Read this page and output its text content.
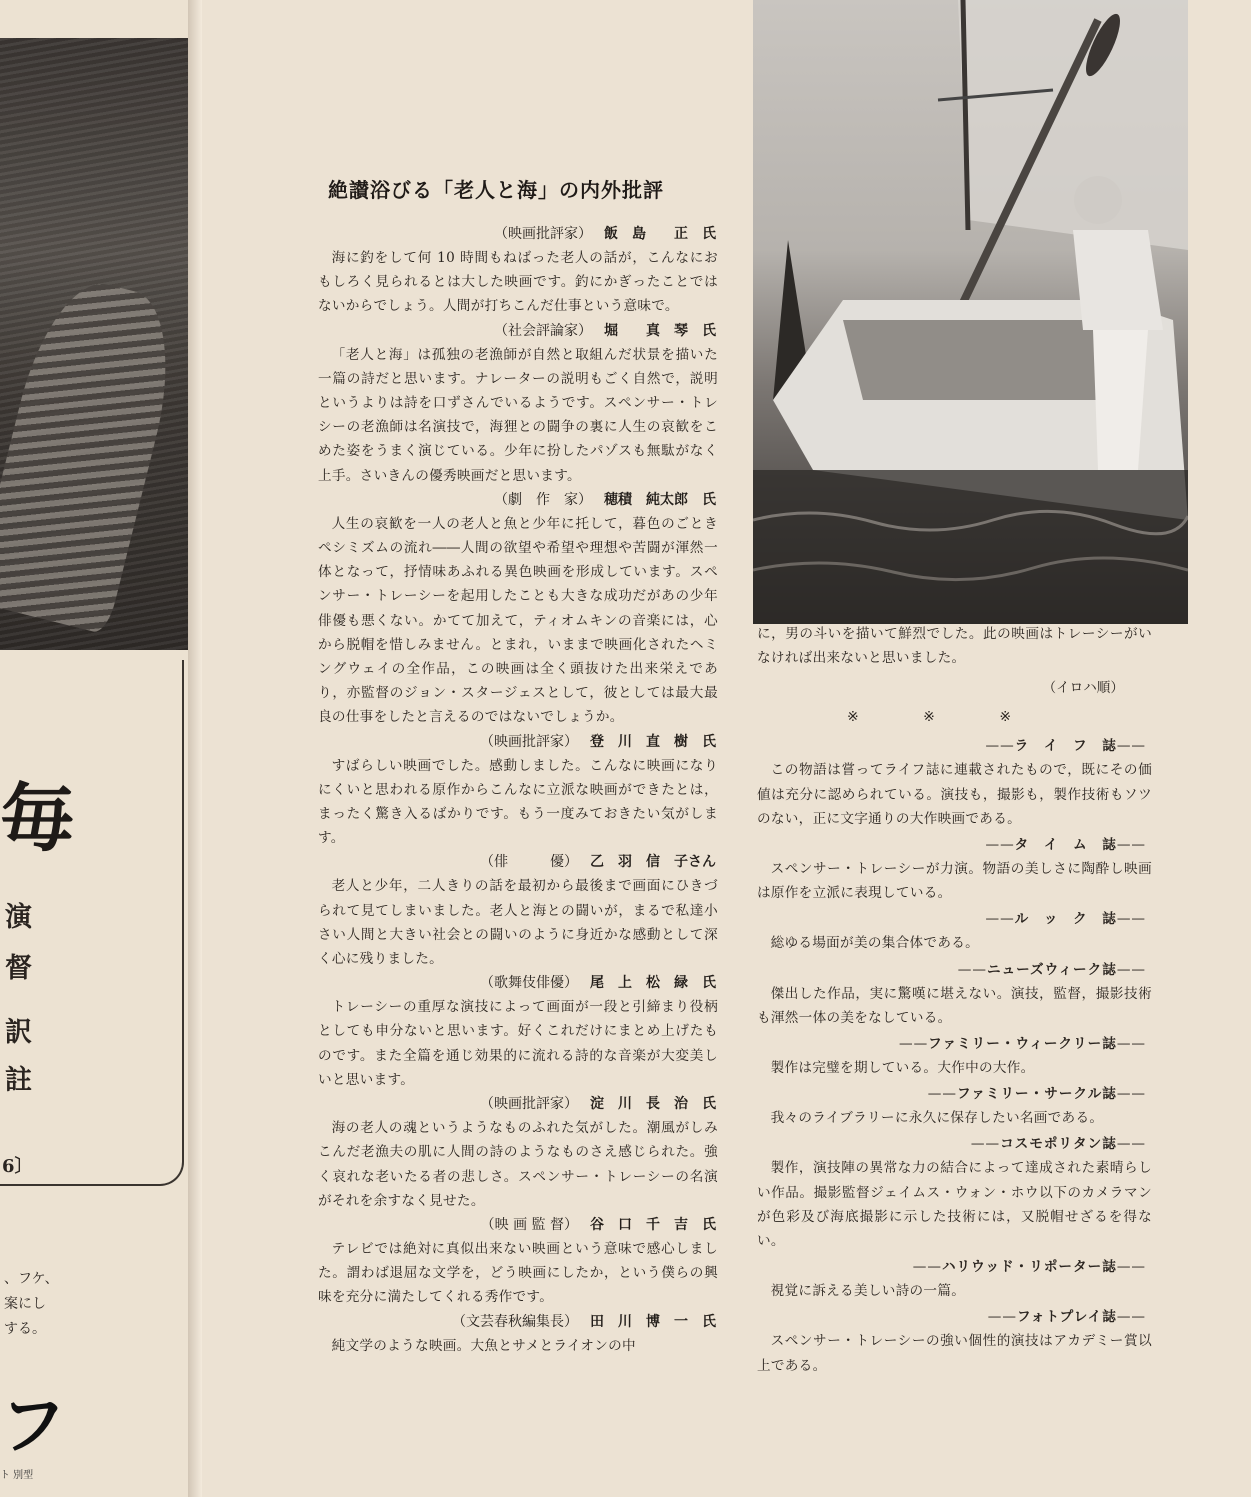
毎
演
督
訳
註
6〕
、フケ、
案にし
する。
フ
ト 別型
絶讃浴びる「老人と海」の内外批評
（映画批評家） 飯　島　　正　氏
海に釣をして何 10 時間もねばった老人の話が，こんなにおもしろく見られるとは大した映画です。釣にかぎったことではないからでしょう。人間が打ちこんだ仕事という意味で。
（社会評論家） 堀　　真　琴　氏
「老人と海」は孤独の老漁師が自然と取組んだ状景を描いた一篇の詩だと思います。ナレーターの説明もごく自然で，説明というよりは詩を口ずさんでいるようです。スペンサー・トレシーの老漁師は名演技で，海狸との闘争の裏に人生の哀歓をこめた姿をうまく演じている。少年に扮したパゾスも無駄がなく上手。さいきんの優秀映画だと思います。
（劇　作　家） 穂積　純太郎　氏
人生の哀歓を一人の老人と魚と少年に托して，暮色のごときペシミズムの流れ――人間の欲望や希望や理想や苦闘が渾然一体となって，抒情味あふれる異色映画を形成しています。スペンサー・トレーシーを起用したことも大きな成功だがあの少年俳優も悪くない。かてて加えて，ティオムキンの音楽には，心から脱帽を惜しみません。とまれ，いままで映画化されたヘミングウェイの全作品，この映画は全く頭抜けた出来栄えであり，亦監督のジョン・スタージェスとして，彼としては最大最良の仕事をしたと言えるのではないでしょうか。
（映画批評家） 登　川　直　樹　氏
すばらしい映画でした。感動しました。こんなに映画になりにくいと思われる原作からこんなに立派な映画ができたとは，まったく驚き入るばかりです。もう一度みておきたい気がします。
（俳　　　優） 乙　羽　信　子さん
老人と少年，二人きりの話を最初から最後まで画面にひきづられて見てしまいました。老人と海との闘いが，まるで私達小さい人間と大きい社会との闘いのように身近かな感動として深く心に残りました。
（歌舞伎俳優） 尾　上　松　緑　氏
トレーシーの重厚な演技によって画面が一段と引締まり役柄としても申分ないと思います。好くこれだけにまとめ上げたものです。また全篇を通じ効果的に流れる詩的な音楽が大変美しいと思います。
（映画批評家） 淀　川　長　治　氏
海の老人の魂というようなものふれた気がした。潮風がしみこんだ老漁夫の肌に人間の詩のようなものさえ感じられた。強く哀れな老いたる者の悲しさ。スペンサー・トレーシーの名演がそれを余すなく見せた。
（映 画 監 督） 谷　口　千　吉　氏
テレビでは絶対に真似出来ない映画という意味で感心しました。謂わば退屈な文学を，どう映画にしたか，という僕らの興味を充分に満たしてくれる秀作です。
（文芸春秋編集長） 田　川　博　一　氏
純文学のような映画。大魚とサメとライオンの中
に，男の斗いを描いて鮮烈でした。此の映画はトレーシーがいなければ出来ないと思いました。
（イロハ順）
※ ※ ※
—— ラ　イ　フ　誌 ——
この物語は嘗ってライフ誌に連載されたもので，既にその価値は充分に認められている。演技も，撮影も，製作技術もソツのない，正に文字通りの大作映画である。
—— タ　イ　ム　誌 ——
スペンサー・トレーシーが力演。物語の美しさに陶酔し映画は原作を立派に表現している。
—— ル　ッ　ク　誌 ——
総ゆる場面が美の集合体である。
—— ニューズウィーク誌 ——
傑出した作品，実に驚嘆に堪えない。演技，監督，撮影技術も渾然一体の美をなしている。
—— ファミリー・ウィークリー誌 ——
製作は完璧を期している。大作中の大作。
—— ファミリー・サークル誌 ——
我々のライブラリーに永久に保存したい名画である。
—— コスモポリタン誌 ——
製作，演技陣の異常な力の結合によって達成された素晴らしい作品。撮影監督ジェイムス・ウォン・ホウ以下のカメラマンが色彩及び海底撮影に示した技術には，又脱帽せざるを得ない。
—— ハリウッド・リポーター誌 ——
視覚に訴える美しい詩の一篇。
—— フォトプレイ誌 ——
スペンサー・トレーシーの強い個性的演技はアカデミー賞以上である。
